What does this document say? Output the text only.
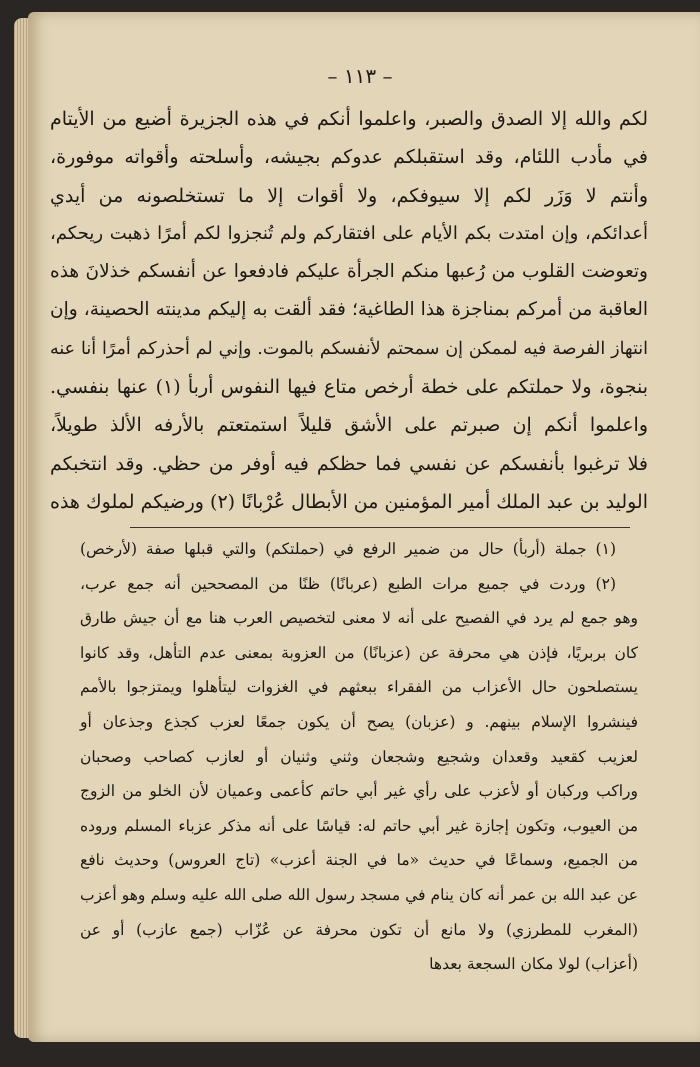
– ١١٣ –
لكم والله إلا الصدق والصبر، واعلموا أنكم في هذه الجزيرة أضيع من الأيتام
في مأدب اللئام، وقد استقبلكم عدوكم بجيشه، وأسلحته وأقواته موفورة،
وأنتم لا وَزَر لكم إلا سيوفكم، ولا أقوات إلا ما تستخلصونه من أيدي
أعدائكم، وإن امتدت بكم الأيام على افتقاركم ولم تُنجزوا لكم أمرًا ذهبت ريحكم،
وتعوضت القلوب من رُعبها منكم الجرأة عليكم فادفعوا عن أنفسكم خذلانَ هذه
العاقبة من أمركم بمناجزة هذا الطاغية؛ فقد ألقت به إليكم مدينته الحصينة، وإن
انتهاز الفرصة فيه لممكن إن سمحتم لأنفسكم بالموت. وإني لم أحذركم أمرًا أنا عنه
بنجوة، ولا حملتكم على خطة أرخص متاع فيها النفوس أربأ (١) عنها بنفسي.
واعلموا أنكم إن صبرتم على الأشق قليلاً استمتعتم بالأرفه الألذ طويلاً،
فلا ترغبوا بأنفسكم عن نفسي فما حظكم فيه أوفر من حظي. وقد انتخبكم
الوليد بن عبد الملك أمير المؤمنين من الأبطال عُرْبانًا (٢) ورضيكم لملوك هذه
(١) جملة (أربأ) حال من ضمير الرفع في (حملتكم) والتي قبلها صفة (لأرخص)
(٢) وردت في جميع مرات الطبع (عربانًا) ظنًا من المصححين أنه جمع عرب،
وهو جمع لم يرد في الفصيح على أنه لا معنى لتخصيص العرب هنا مع أن جيش طارق
كان بربريًا، فإذن هي محرفة عن (عزبانًا) من العزوبة بمعنى عدم التأهل، وقد كانوا
يستصلحون حال الأعزاب من الفقراء ببعثهم في الغزوات ليتأهلوا ويمتزجوا بالأمم
فينشروا الإسلام بينهم. و (عزبان) يصح أن يكون جمعًا لعزب كجذع وجذعان أو
لعزيب كقعيد وقعدان وشجيع وشجعان وثني وثنيان أو لعازب كصاحب وصحبان
وراكب وركبان أو لأعزب على رأي غير أبي حاتم كأعمى وعميان لأن الخلو من الزوج
من العيوب، وتكون إجازة غير أبي حاتم له: قياسًا على أنه مذكر عزباء المسلم وروده
من الجميع، وسماعًا في حديث «ما في الجنة أعزب» (تاج العروس) وحديث نافع
عن عبد الله بن عمر أنه كان ينام في مسجد رسول الله صلى الله عليه وسلم وهو أعزب
(المغرب للمطرزي) ولا مانع أن تكون محرفة عن عُزّاب (جمع عازب) أو عن
(أعزاب) لولا مكان السجعة بعدها
